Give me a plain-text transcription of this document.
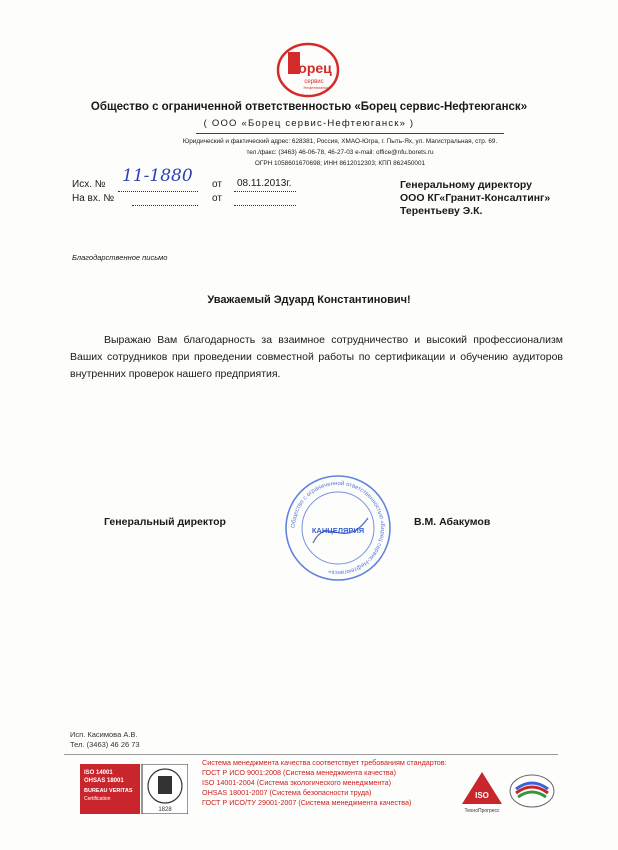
Борец
сервис
Нефтеюганск
Общество с ограниченной ответственностью «Борец сервис-Нефтеюганск»
( ООО «Борец сервис-Нефтеюганск» )
Юридический и фактический адрес: 628381, Россия, ХМАО-Югра, г. Пыть-Ях, ул. Магистральная, стр. 69.
тел./факс: (3463) 46-06-78, 46-27-03 e-mail: office@nfu.borets.ru
ОГРН 1058601670698; ИНН 8612012303; КПП 862450001
Исх. № 11-1880
На вх. №
от 08.11.2013г.
от
Генеральному директору
ООО КГ«Гранит-Консалтинг»
Терентьеву Э.К.
Благодарственное письмо
Уважаемый Эдуард Константинович!
Выражаю Вам благодарность за взаимное сотрудничество и высокий профессионализм Ваших сотрудников при проведении совместной работы по сертификации и обучению аудиторов внутренних проверок нашего предприятия.
Генеральный директор	В.М. Абакумов
Общество с ограниченной ответственностью «Борец сервис-Нефтеюганск»
КАНЦЕЛЯРИЯ
Исп. Касимова А.В.
Тел. (3463) 46 26 73
ISO 14001
OHSAS 18001
BUREAU VERITAS
Certification
1828
Система менеджмента качества соответствует требованиям стандартов:
ГОСТ Р ИСО 9001:2008 (Система менеджмента качества)
ISO 14001-2004 (Система экологического менеджмента)
OHSAS 18001-2007 (Система безопасности труда)
ГОСТ Р ИСО/ТУ 29001-2007 (Система менеджмента качества)
ISO
ТехноПрогресс
